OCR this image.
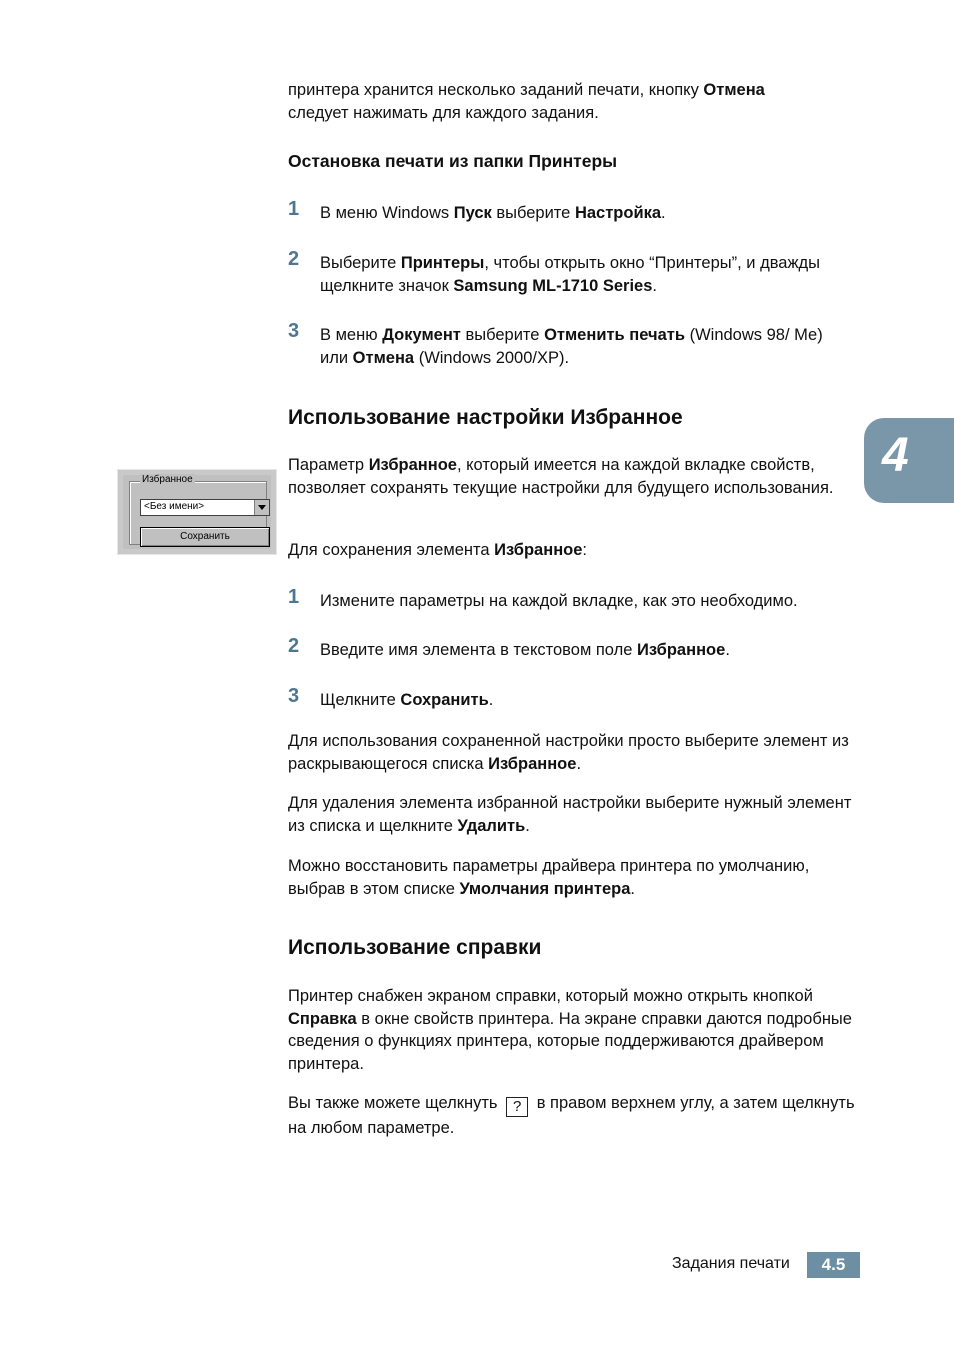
принтера хранится несколько заданий печати, кнопку Отмена
следует нажимать для каждого задания.
Остановка печати из папки Принтеры
1 В меню Windows Пуск выберите Настройка.
2 Выберите Принтеры, чтобы открыть окно “Принтеры”, и дважды щелкните значок Samsung ML-1710 Series.
3 В меню Документ выберите Отменить печать (Windows 98/ Ме) или Отмена (Windows 2000/XP).
4
Использование настройки Избранное
Избранное
<Без имени>
Сохранить
Параметр Избранное, который имеется на каждой вкладке свойств, позволяет сохранять текущие настройки для будущего использования.
Для сохранения элемента Избранное:
1 Измените параметры на каждой вкладке, как это необходимо.
2 Введите имя элемента в текстовом поле Избранное.
3 Щелкните Сохранить.
Для использования сохраненной настройки просто выберите элемент из раскрывающегося списка Избранное.
Для удаления элемента избранной настройки выберите нужный элемент из списка и щелкните Удалить.
Можно восстановить параметры драйвера принтера по умолчанию, выбрав в этом списке Умолчания принтера.
Использование справки
Принтер снабжен экраном справки, который можно открыть кнопкой Справка в окне свойств принтера. На экране справки даются подробные сведения о функциях принтера, которые поддерживаются драйвером принтера.
Вы также можете щелкнуть ? в правом верхнем углу, а затем щелкнуть на любом параметре.
Задания печати	4.5
